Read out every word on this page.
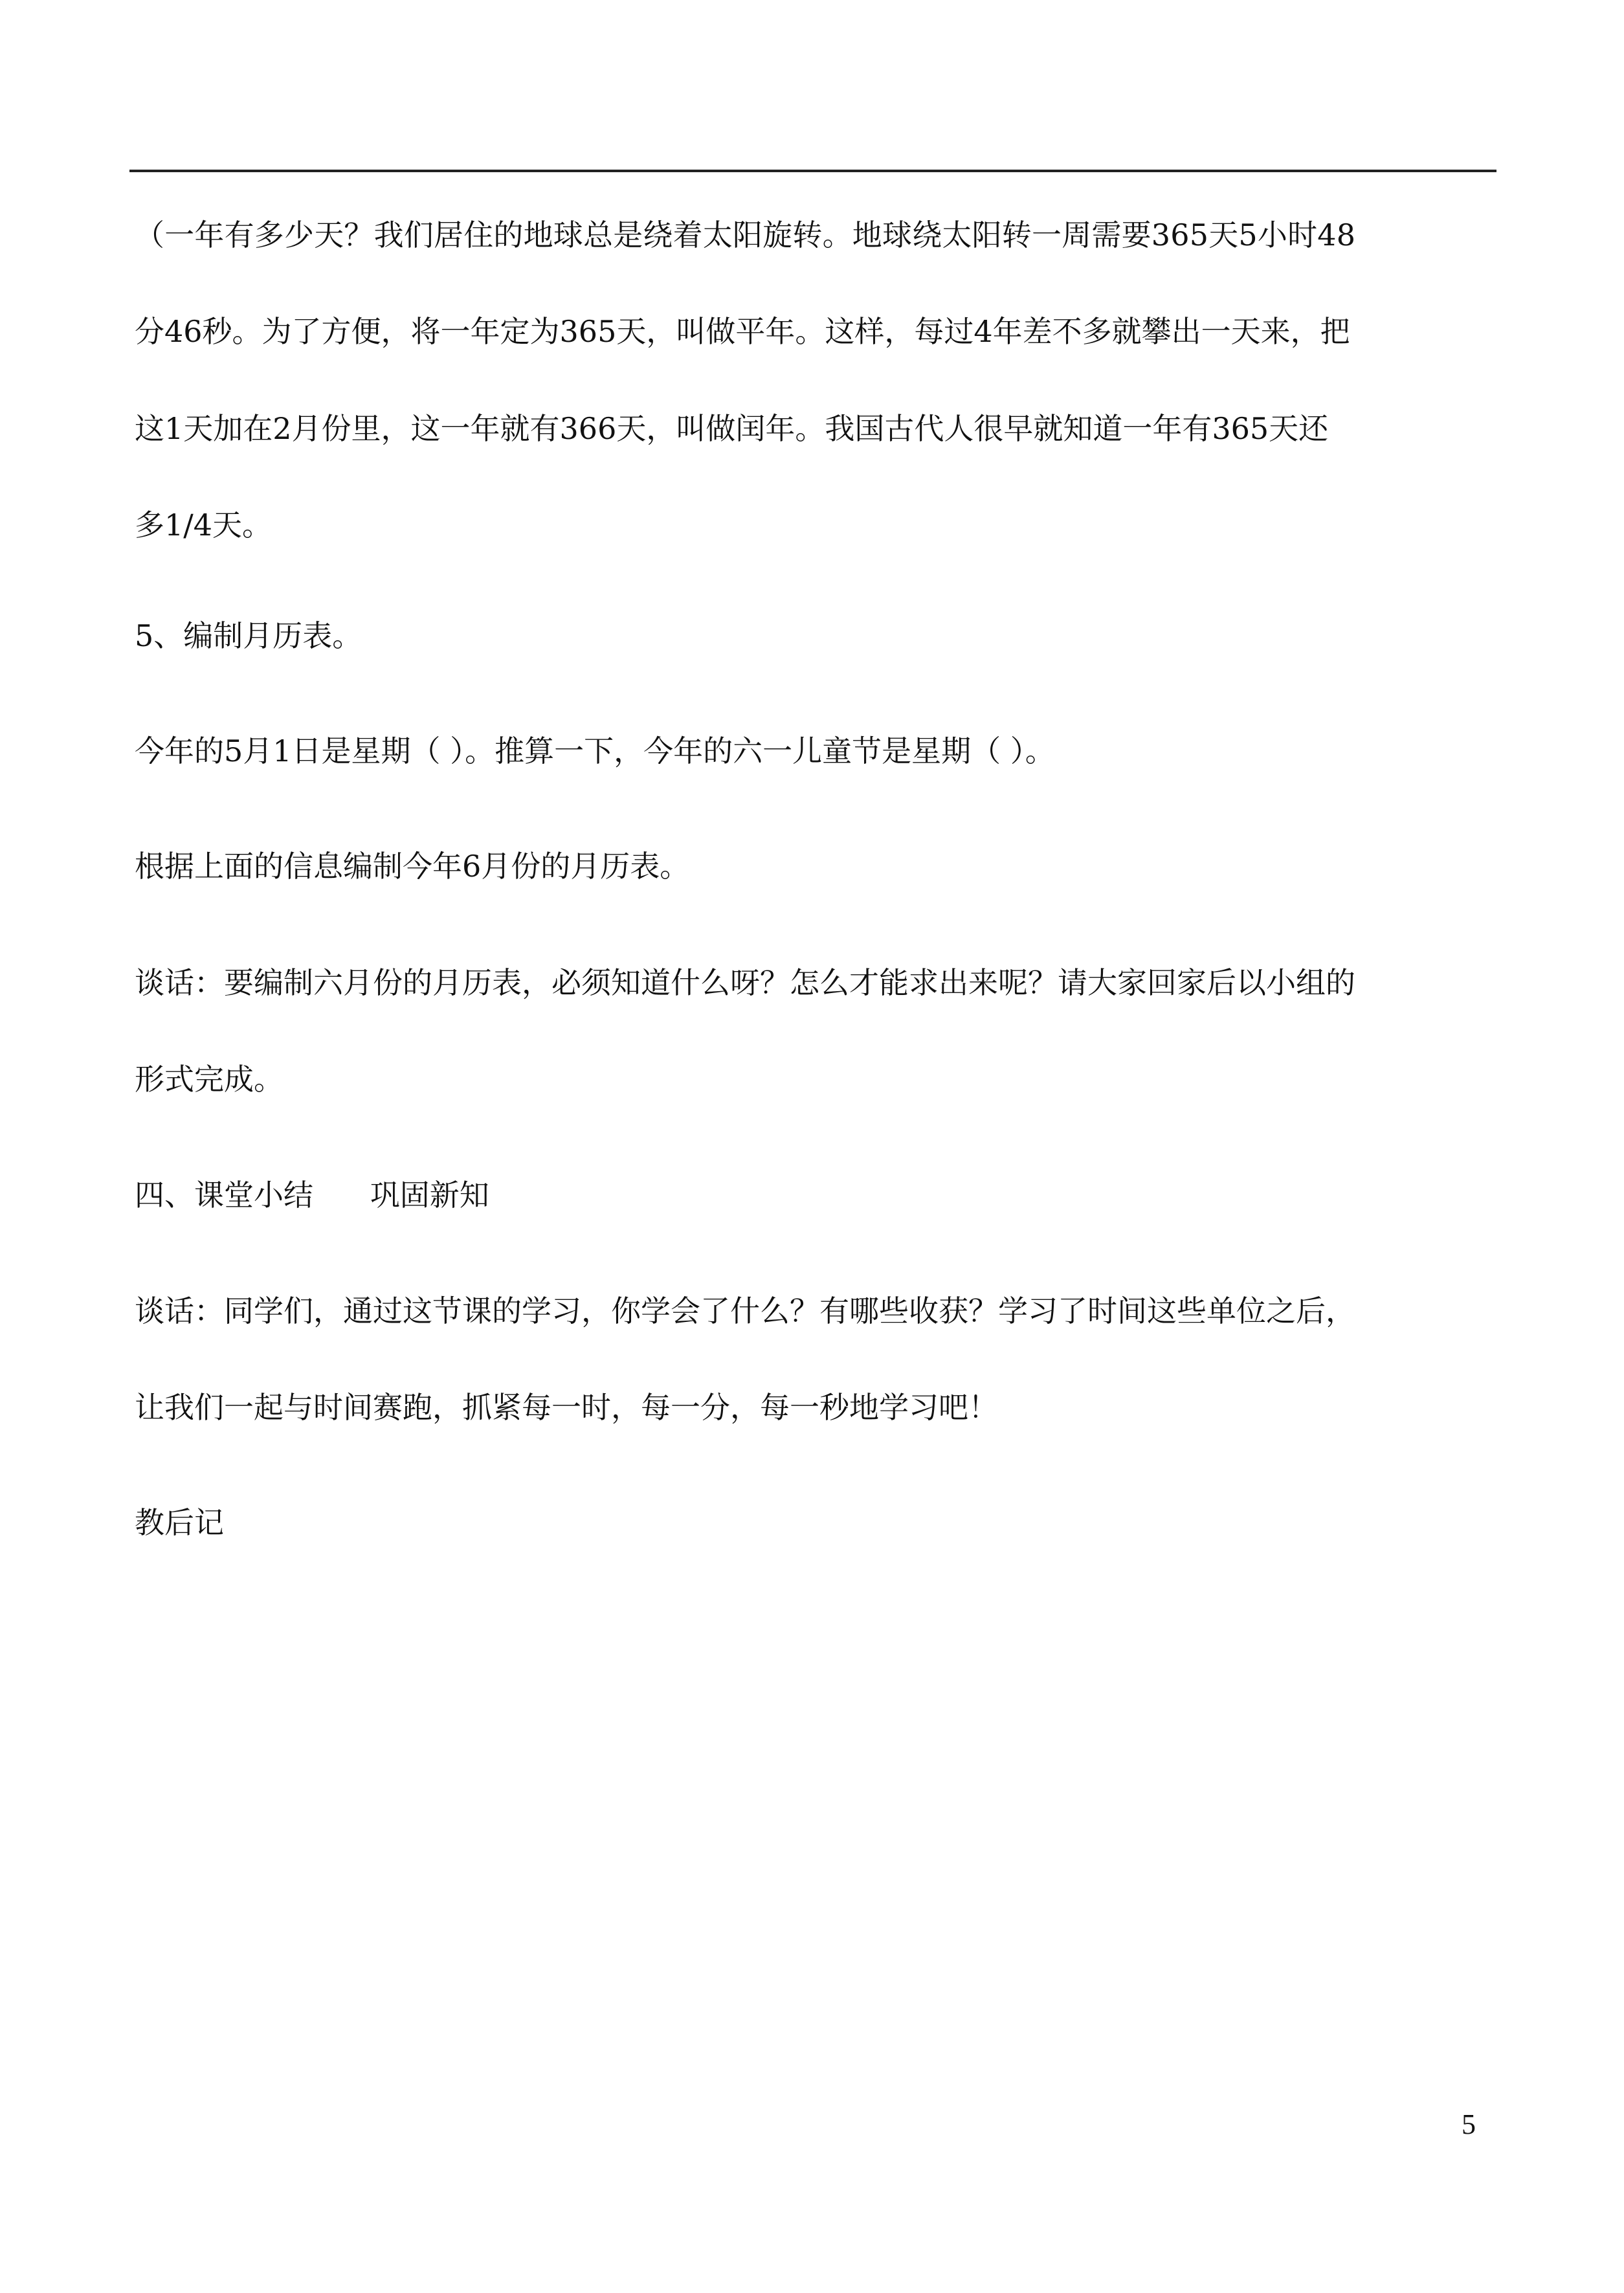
（一年有多少天？我们居住的地球总是绕着太阳旋转。地球绕太阳转一周需要365天5小时48
分46秒。为了方便，将一年定为365天，叫做平年。这样，每过4年差不多就攀出一天来，把
这1天加在2月份里，这一年就有366天，叫做闰年。我国古代人很早就知道一年有365天还
多1/4天。
5、编制月历表。
今年的5月1日是星期（ ）。推算一下，今年的六一儿童节是星期（ ）。
根据上面的信息编制今年6月份的月历表。
谈话：要编制六月份的月历表，必须知道什么呀？怎么才能求出来呢？请大家回家后以小组的
形式完成。
四、课堂小结      巩固新知
谈话：同学们，通过这节课的学习，你学会了什么？有哪些收获？学习了时间这些单位之后，
让我们一起与时间赛跑，抓紧每一时，每一分，每一秒地学习吧！
教后记
5
